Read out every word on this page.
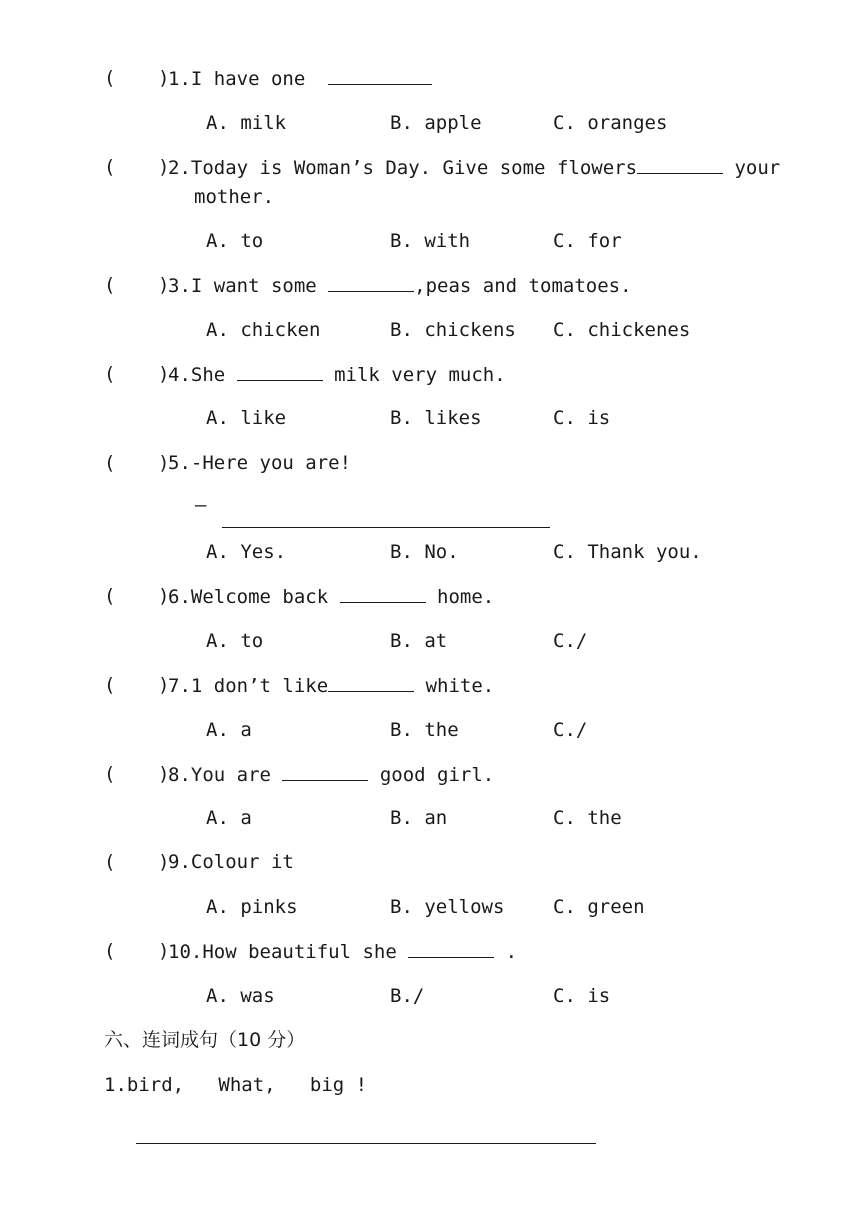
( )
1.I have one
A. milk	B. apple	C. oranges
( )
2.Today is Woman’s Day. Give some flowers	your
mother.
A. to	B. with	C. for
( )
3.I want some	,peas and tomatoes.
A. chicken	B. chickens C. chickenes
( )
4.She	milk very much.
A. like	B. likes	C. is
( )
5.-Here you are!
–
A. Yes.	B. No.	C. Thank you.
( )
6.Welcome back	home.
A. to	B. at	C./
( )
7.1 don’t like	white.
A. a	B. the	C./
( )
8.You are	good girl.
A. a	B. an	C. the
( )
9.Colour it
A. pinks	B. yellows	C. green
( )
10.How beautiful she	.
A. was	B./	C. is
六、连词成句（10 分）
1.bird,   What,   big !
